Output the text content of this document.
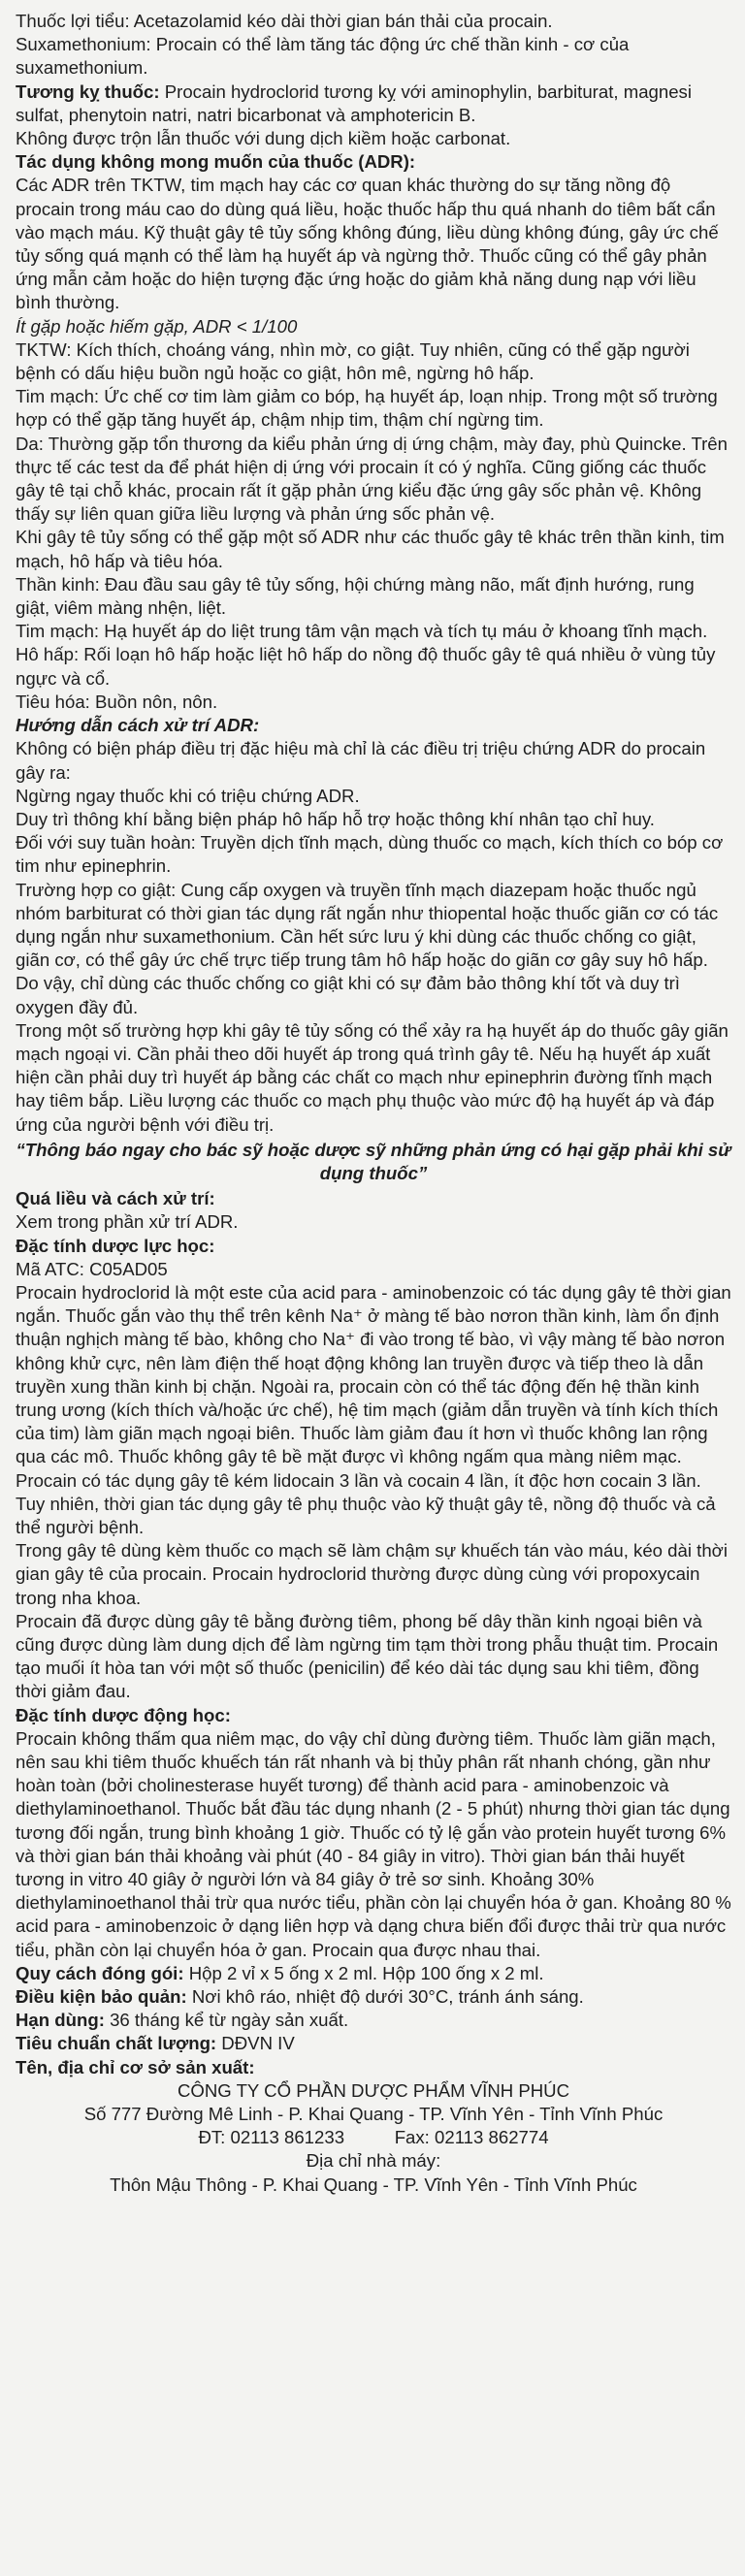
Thuốc lợi tiểu: Acetazolamid kéo dài thời gian bán thải của procain.

Suxamethonium: Procain có thể làm tăng tác động ức chế thần kinh - cơ của suxamethonium.

Tương kỵ thuốc: Procain hydroclorid tương kỵ với aminophylin, barbiturat, magnesi sulfat, phenytoin natri, natri bicarbonat và amphotericin B.

Không được trộn lẫn thuốc với dung dịch kiềm hoặc carbonat.

Tác dụng không mong muốn của thuốc (ADR):

Các ADR trên TKTW, tim mạch hay các cơ quan khác thường do sự tăng nồng độ procain trong máu cao do dùng quá liều, hoặc thuốc hấp thu quá nhanh do tiêm bất cẩn vào mạch máu. Kỹ thuật gây tê tủy sống không đúng, liều dùng không đúng, gây ức chế tủy sống quá mạnh có thể làm hạ huyết áp và ngừng thở. Thuốc cũng có thể gây phản ứng mẫn cảm hoặc do hiện tượng đặc ứng hoặc do giảm khả năng dung nạp với liều bình thường.

Ít gặp hoặc hiếm gặp, ADR < 1/100

TKTW: Kích thích, choáng váng, nhìn mờ, co giật. Tuy nhiên, cũng có thể gặp người bệnh có dấu hiệu buồn ngủ hoặc co giật, hôn mê, ngừng hô hấp.

Tim mạch: Ức chế cơ tim làm giảm co bóp, hạ huyết áp, loạn nhịp. Trong một số trường hợp có thể gặp tăng huyết áp, chậm nhịp tim, thậm chí ngừng tim.

Da: Thường gặp tổn thương da kiểu phản ứng dị ứng chậm, mày đay, phù Quincke. Trên thực tế các test da để phát hiện dị ứng với procain ít có ý nghĩa. Cũng giống các thuốc gây tê tại chỗ khác, procain rất ít gặp phản ứng kiểu đặc ứng gây sốc phản vệ. Không thấy sự liên quan giữa liều lượng và phản ứng sốc phản vệ.

Khi gây tê tủy sống có thể gặp một số ADR như các thuốc gây tê khác trên thần kinh, tim mạch, hô hấp và tiêu hóa.

Thần kinh: Đau đầu sau gây tê tủy sống, hội chứng màng não, mất định hướng, rung giật, viêm màng nhện, liệt.

Tim mạch: Hạ huyết áp do liệt trung tâm vận mạch và tích tụ máu ở khoang tĩnh mạch.

Hô hấp: Rối loạn hô hấp hoặc liệt hô hấp do nồng độ thuốc gây tê quá nhiều ở vùng tủy ngực và cổ.

Tiêu hóa: Buồn nôn, nôn.

Hướng dẫn cách xử trí ADR:

Không có biện pháp điều trị đặc hiệu mà chỉ là các điều trị triệu chứng ADR do procain gây ra:

Ngừng ngay thuốc khi có triệu chứng ADR.

Duy trì thông khí bằng biện pháp hô hấp hỗ trợ hoặc thông khí nhân tạo chỉ huy.

Đối với suy tuần hoàn: Truyền dịch tĩnh mạch, dùng thuốc co mạch, kích thích co bóp cơ tim như epinephrin.

Trường hợp co giật: Cung cấp oxygen và truyền tĩnh mạch diazepam hoặc thuốc ngủ nhóm barbiturat có thời gian tác dụng rất ngắn như thiopental hoặc thuốc giãn cơ có tác dụng ngắn như suxamethonium. Cần hết sức lưu ý khi dùng các thuốc chống co giật, giãn cơ, có thể gây ức chế trực tiếp trung tâm hô hấp hoặc do giãn cơ gây suy hô hấp. Do vậy, chỉ dùng các thuốc chống co giật khi có sự đảm bảo thông khí tốt và duy trì oxygen đầy đủ.

Trong một số trường hợp khi gây tê tủy sống có thể xảy ra hạ huyết áp do thuốc gây giãn mạch ngoại vi. Cần phải theo dõi huyết áp trong quá trình gây tê. Nếu hạ huyết áp xuất hiện cần phải duy trì huyết áp bằng các chất co mạch như epinephrin đường tĩnh mạch hay tiêm bắp. Liều lượng các thuốc co mạch phụ thuộc vào mức độ hạ huyết áp và đáp ứng của người bệnh với điều trị.

“Thông báo ngay cho bác sỹ hoặc dược sỹ những phản ứng có hại gặp phải khi sử dụng thuốc”

Quá liều và cách xử trí:

Xem trong phần xử trí ADR.

Đặc tính dược lực học:

Mã ATC: C05AD05

Procain hydroclorid là một este của acid para - aminobenzoic có tác dụng gây tê thời gian ngắn. Thuốc gắn vào thụ thể trên kênh Na⁺ ở màng tế bào nơron thần kinh, làm ổn định thuận nghịch màng tế bào, không cho Na⁺ đi vào trong tế bào, vì vậy màng tế bào nơron không khử cực, nên làm điện thế hoạt động không lan truyền được và tiếp theo là dẫn truyền xung thần kinh bị chặn. Ngoài ra, procain còn có thể tác động đến hệ thần kinh trung ương (kích thích và/hoặc ức chế), hệ tim mạch (giảm dẫn truyền và tính kích thích của tim) làm giãn mạch ngoại biên. Thuốc làm giảm đau ít hơn vì thuốc không lan rộng qua các mô. Thuốc không gây tê bề mặt được vì không ngấm qua màng niêm mạc.

Procain có tác dụng gây tê kém lidocain 3 lần và cocain 4 lần, ít độc hơn cocain 3 lần.

Tuy nhiên, thời gian tác dụng gây tê phụ thuộc vào kỹ thuật gây tê, nồng độ thuốc và cả thể người bệnh.

Trong gây tê dùng kèm thuốc co mạch sẽ làm chậm sự khuếch tán vào máu, kéo dài thời gian gây tê của procain. Procain hydroclorid thường được dùng cùng với propoxycain trong nha khoa.

Procain đã được dùng gây tê bằng đường tiêm, phong bế dây thần kinh ngoại biên và cũng được dùng làm dung dịch để làm ngừng tim tạm thời trong phẫu thuật tim. Procain tạo muối ít hòa tan với một số thuốc (penicilin) để kéo dài tác dụng sau khi tiêm, đồng thời giảm đau.

Đặc tính dược động học:

Procain không thấm qua niêm mạc, do vậy chỉ dùng đường tiêm. Thuốc làm giãn mạch, nên sau khi tiêm thuốc khuếch tán rất nhanh và bị thủy phân rất nhanh chóng, gần như hoàn toàn (bởi cholinesterase huyết tương) để thành acid para - aminobenzoic và diethylaminoethanol. Thuốc bắt đầu tác dụng nhanh (2 - 5 phút) nhưng thời gian tác dụng tương đối ngắn, trung bình khoảng 1 giờ. Thuốc có tỷ lệ gắn vào protein huyết tương 6% và thời gian bán thải khoảng vài phút (40 - 84 giây in vitro). Thời gian bán thải huyết tương in vitro 40 giây ở người lớn và 84 giây ở trẻ sơ sinh. Khoảng 30% diethylaminoethanol thải trừ qua nước tiểu, phần còn lại chuyển hóa ở gan. Khoảng 80 % acid para - aminobenzoic ở dạng liên hợp và dạng chưa biến đổi được thải trừ qua nước tiểu, phần còn lại chuyển hóa ở gan. Procain qua được nhau thai.

Quy cách đóng gói: Hộp 2 vỉ x 5 ống x 2 ml. Hộp 100 ống x 2 ml.

Điều kiện bảo quản: Nơi khô ráo, nhiệt độ dưới 30°C, tránh ánh sáng.

Hạn dùng: 36 tháng kể từ ngày sản xuất.

Tiêu chuẩn chất lượng: DĐVN IV

Tên, địa chỉ cơ sở sản xuất:

CÔNG TY CỔ PHẦN DƯỢC PHẨM VĨNH PHÚC

Số 777 Đường Mê Linh - P. Khai Quang - TP. Vĩnh Yên - Tỉnh Vĩnh Phúc

ĐT: 02113 861233          Fax: 02113 862774

Địa chỉ nhà máy:

Thôn Mậu Thông - P. Khai Quang - TP. Vĩnh Yên - Tỉnh Vĩnh Phúc
